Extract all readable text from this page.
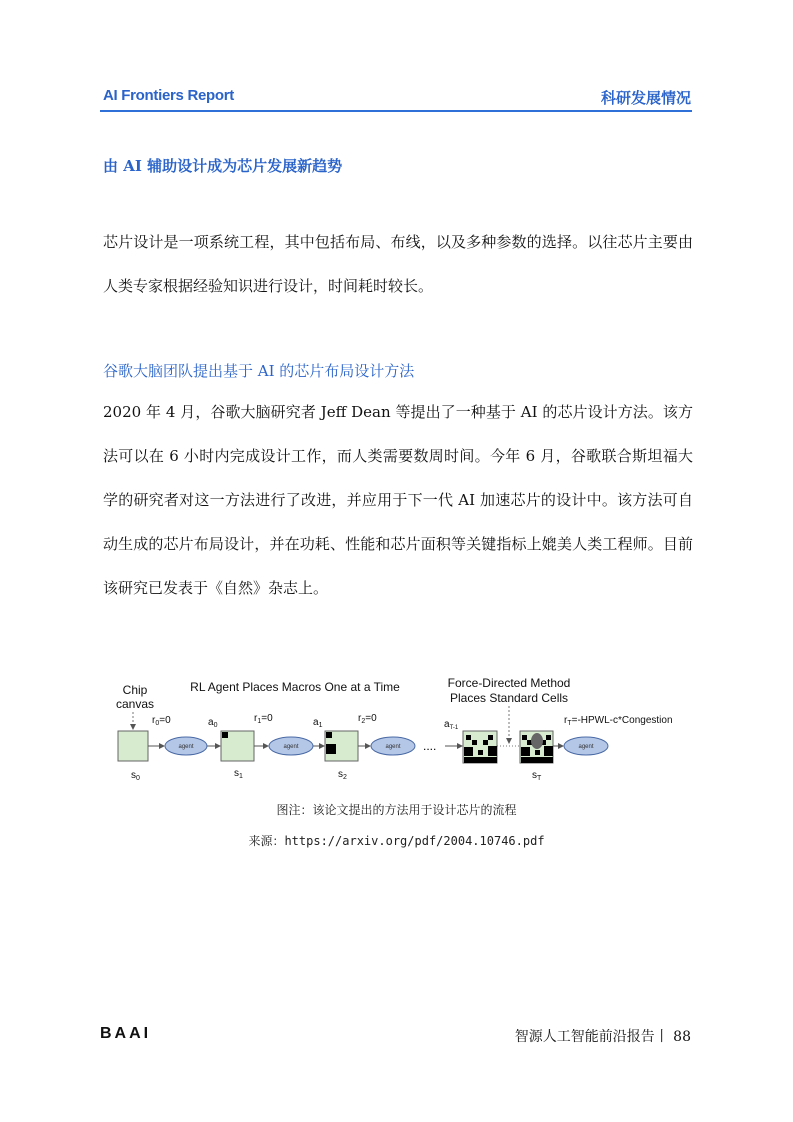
AI Frontiers Report	科研发展情况
由 AI 辅助设计成为芯片发展新趋势
芯片设计是一项系统工程，其中包括布局、布线，以及多种参数的选择。以往芯片主要由人类专家根据经验知识进行设计，时间耗时较长。
谷歌大脑团队提出基于 AI 的芯片布局设计方法
2020 年 4 月，谷歌大脑研究者 Jeff Dean 等提出了一种基于 AI 的芯片设计方法。该方法可以在 6 小时内完成设计工作，而人类需要数周时间。今年 6 月，谷歌联合斯坦福大学的研究者对这一方法进行了改进，并应用于下一代 AI 加速芯片的设计中。该方法可自动生成的芯片布局设计，并在功耗、性能和芯片面积等关键指标上媲美人类工程师。目前该研究已发表于《自然》杂志上。
Chip
canvas
RL Agent Places Macros One at a Time	Force-Directed Method
Places Standard Cells
agent	agent	agent	agent
....
$r_0=0$	$r_1=0$	$r_2=0$
$a_0$	$a_1$	$a_{T-1}$
$r_T=-HPWL-c*Congestion$
$s_0$	$s_1$	$s_2$	$s_T$
图注：该论文提出的方法用于设计芯片的流程
来源：https://arxiv.org/pdf/2004.10746.pdf
BAAI	智源人工智能前沿报告丨 88
